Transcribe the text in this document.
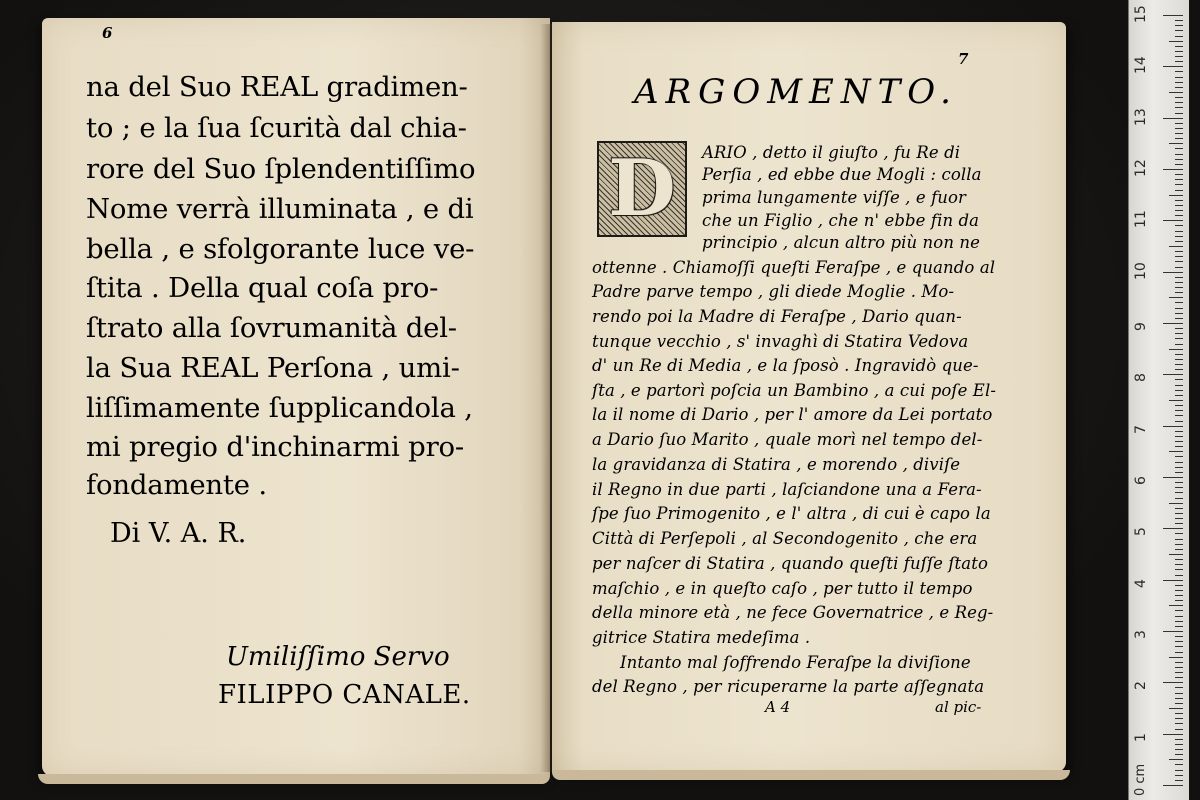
6
na del Suo REAL gradimen-
to ; e la ſua ſcurità dal chia-
rore del Suo ſplendentiſſimo
Nome verrà illuminata , e di
bella , e sfolgorante luce ve-
ſtita . Della qual coſa pro-
ſtrato alla ſovrumanità del-
la Sua REAL Perſona , umi-
liſſimamente ſupplicandola ,
mi pregio d'inchinarmi pro-
fondamente .
Di V. A. R.
Umiliſſimo Servo
FILIPPO CANALE.
7
ARGOMENTO.
D ARIO , detto il giuſto , fu Re di
Perſia , ed ebbe due Mogli : colla
prima lungamente viſſe , e fuor
che un Figlio , che n' ebbe fin da
principio , alcun altro più non ne
ottenne . Chiamoſſi queſti Feraſpe , e quando al
Padre parve tempo , gli diede Moglie . Mo-
rendo poi la Madre di Feraſpe , Dario quan-
tunque vecchio , s' invaghì di Statira Vedova
d' un Re di Media , e la ſposò . Ingravidò que-
ſta , e partorì poſcia un Bambino , a cui poſe El-
la il nome di Dario , per l' amore da Lei portato
a Dario ſuo Marito , quale morì nel tempo del-
la gravidanza di Statira , e morendo , diviſe
il Regno in due parti , laſciandone una a Fera-
ſpe ſuo Primogenito , e l' altra , di cui è capo la
Città di Perſepoli , al Secondogenito , che era
per naſcer di Statira , quando queſti fuſſe ſtato
maſchio , e in queſto caſo , per tutto il tempo
della minore età , ne fece Governatrice , e Reg-
gitrice Statira medeſima .
Intanto mal ſoffrendo Feraſpe la diviſione
del Regno , per ricuperarne la parte aſſegnata
A 4	al pic-
1
2
3
4
5
6
7
8
9
10
11
12
13
14
15
0 cm
